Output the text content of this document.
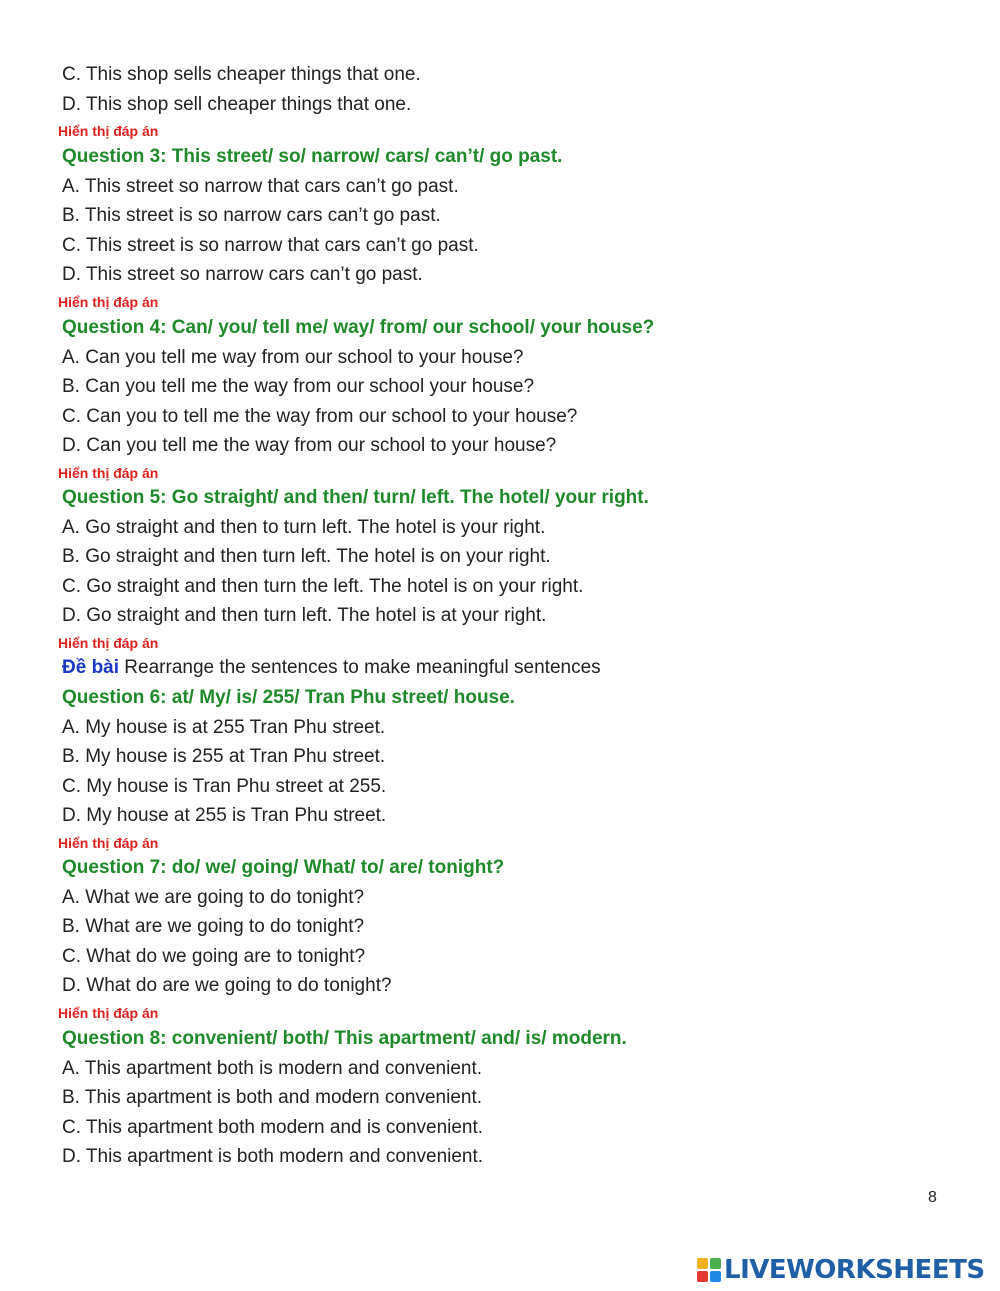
C. This shop sells cheaper things that one.
D. This shop sell cheaper things that one.
Hiển thị đáp án
Question 3: This street/ so/ narrow/ cars/ can’t/ go past.
A. This street so narrow that cars can’t go past.
B. This street is so narrow cars can’t go past.
C. This street is so narrow that cars can’t go past.
D. This street so narrow cars can’t go past.
Hiển thị đáp án
Question 4: Can/ you/ tell me/ way/ from/ our school/ your house?
A. Can you tell me way from our school to your house?
B. Can you tell me the way from our school your house?
C. Can you to tell me the way from our school to your house?
D. Can you tell me the way from our school to your house?
Hiển thị đáp án
Question 5: Go straight/ and then/ turn/ left. The hotel/ your right.
A. Go straight and then to turn left. The hotel is your right.
B. Go straight and then turn left. The hotel is on your right.
C. Go straight and then turn the left. The hotel is on your right.
D. Go straight and then turn left. The hotel is at your right.
Hiển thị đáp án
Đề bài Rearrange the sentences to make meaningful sentences
Question 6: at/ My/ is/ 255/ Tran Phu street/ house.
A. My house is at 255 Tran Phu street.
B. My house is 255 at Tran Phu street.
C. My house is Tran Phu street at 255.
D. My house at 255 is Tran Phu street.
Hiển thị đáp án
Question 7: do/ we/ going/ What/ to/ are/ tonight?
A. What we are going to do tonight?
B. What are we going to do tonight?
C. What do we going are to tonight?
D. What do are we going to do tonight?
Hiển thị đáp án
Question 8: convenient/ both/ This apartment/ and/ is/ modern.
A. This apartment both is modern and convenient.
B. This apartment is both and modern convenient.
C. This apartment both modern and is convenient.
D. This apartment is both modern and convenient.
8
LIVEWORKSHEETS
